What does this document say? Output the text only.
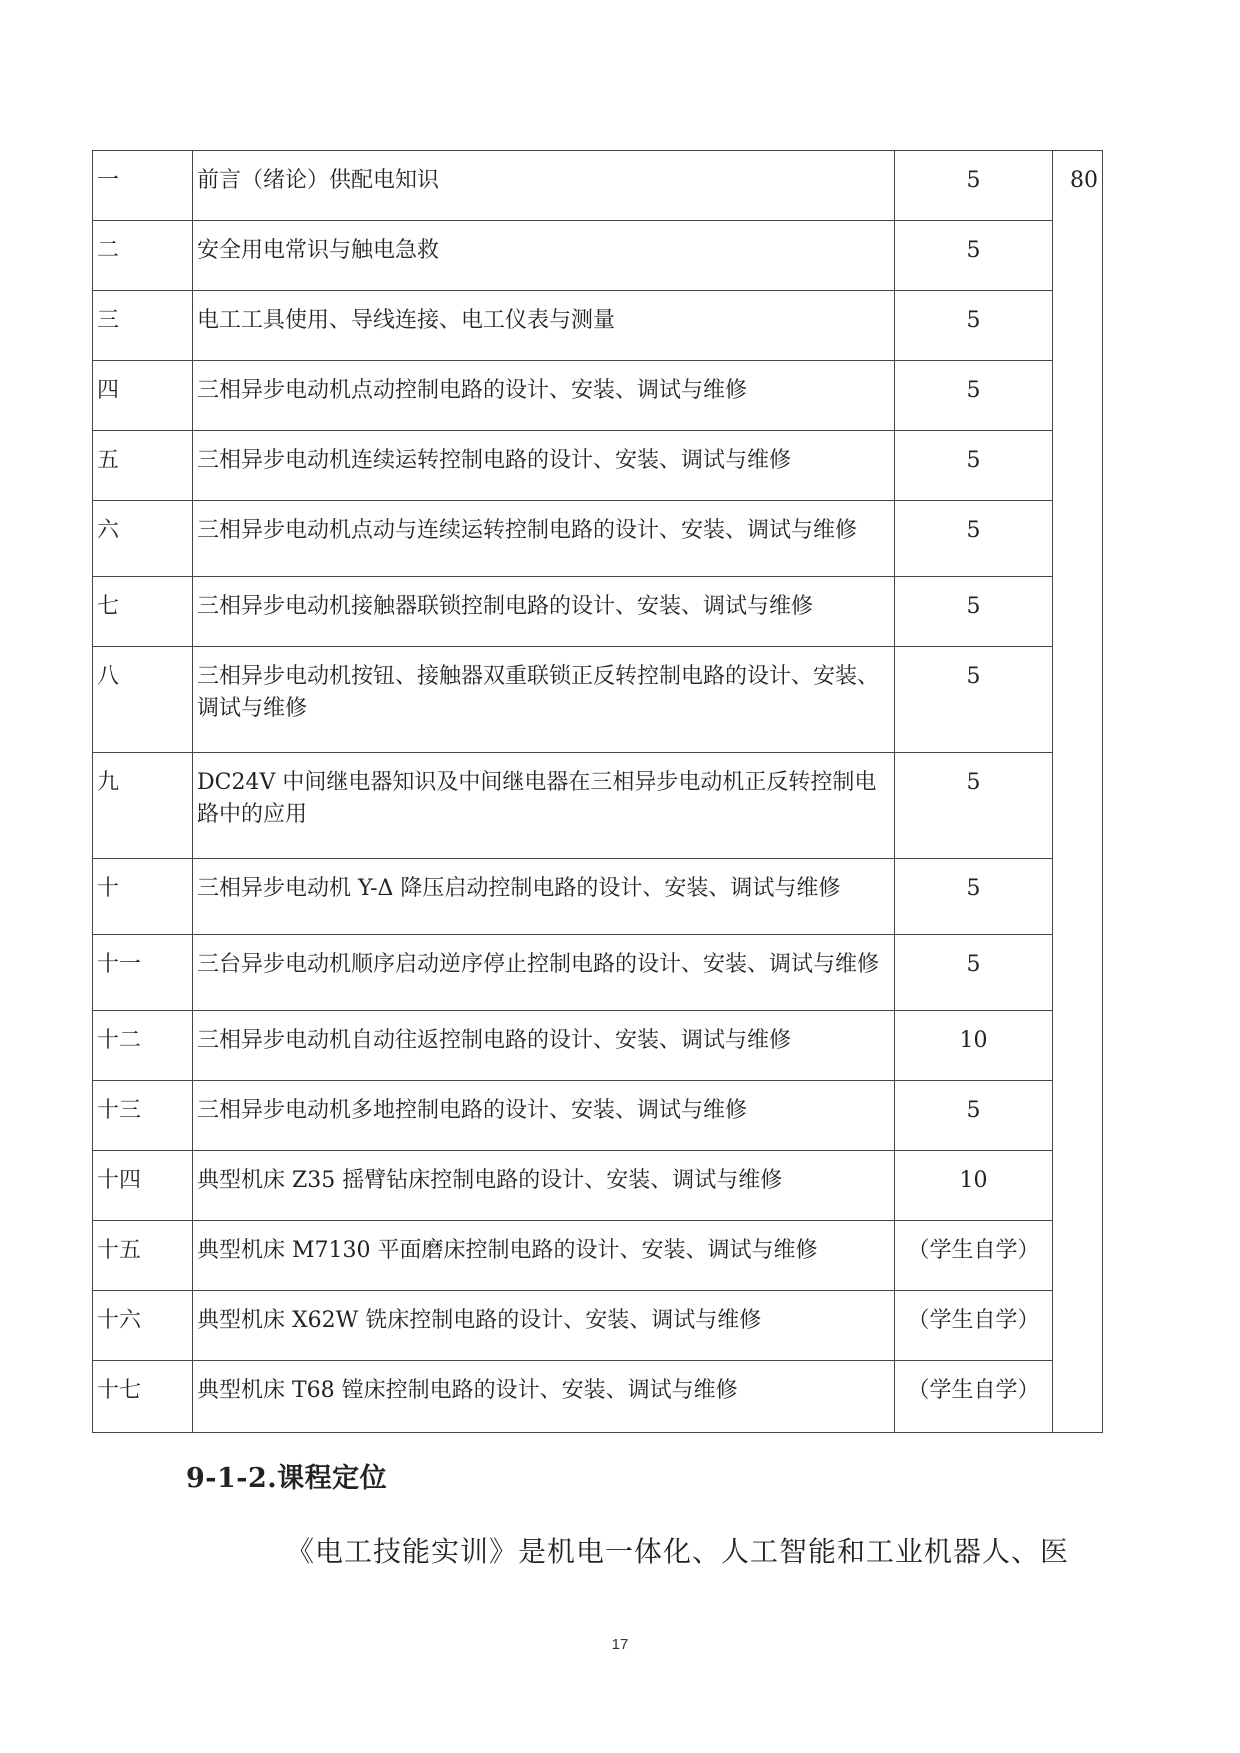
一	前言（绪论）供配电知识	5	80
二	安全用电常识与触电急救	5	
三	电工工具使用、导线连接、电工仪表与测量	5	
四	三相异步电动机点动控制电路的设计、安装、调试与维修	5	
五	三相异步电动机连续运转控制电路的设计、安装、调试与维修	5	
六	三相异步电动机点动与连续运转控制电路的设计、安装、调试与维修	5	
七	三相异步电动机接触器联锁控制电路的设计、安装、调试与维修	5	
八	三相异步电动机按钮、接触器双重联锁正反转控制电路的设计、安装、调试与维修	5	
九	DC24V 中间继电器知识及中间继电器在三相异步电动机正反转控制电路中的应用	5	
十	三相异步电动机 Y-Δ 降压启动控制电路的设计、安装、调试与维修	5	
十一	三台异步电动机顺序启动逆序停止控制电路的设计、安装、调试与维修	5	
十二	三相异步电动机自动往返控制电路的设计、安装、调试与维修	10	
十三	三相异步电动机多地控制电路的设计、安装、调试与维修	5	
十四	典型机床 Z35 摇臂钻床控制电路的设计、安装、调试与维修	10	
十五	典型机床 M7130 平面磨床控制电路的设计、安装、调试与维修	（学生自学）	
十六	典型机床 X62W 铣床控制电路的设计、安装、调试与维修	（学生自学）	
十七	典型机床 T68 镗床控制电路的设计、安装、调试与维修	（学生自学）	
9-1-2.课程定位
《电工技能实训》是机电一体化、人工智能和工业机器人、医
17
